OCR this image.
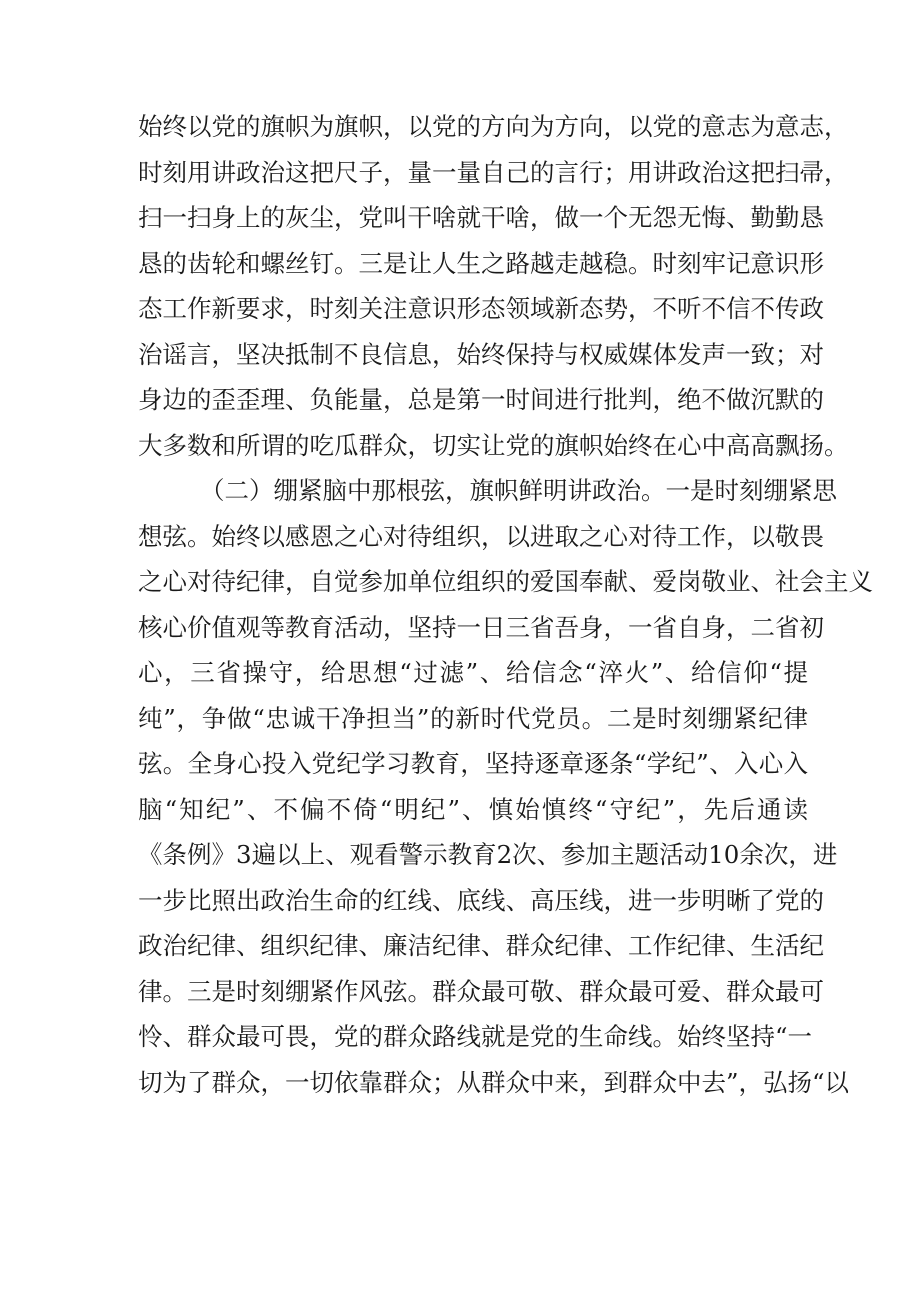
始终以党的旗帜为旗帜，以党的方向为方向，以党的意志为意志，
时刻用讲政治这把尺子，量一量自己的言行；用讲政治这把扫帚，
扫一扫身上的灰尘，党叫干啥就干啥，做一个无怨无悔、勤勤恳
恳的齿轮和螺丝钉。三是让人生之路越走越稳。时刻牢记意识形
态工作新要求，时刻关注意识形态领域新态势，不听不信不传政
治谣言，坚决抵制不良信息，始终保持与权威媒体发声一致；对
身边的歪歪理、负能量，总是第一时间进行批判，绝不做沉默的
大多数和所谓的吃瓜群众，切实让党的旗帜始终在心中高高飘扬。
（二）绷紧脑中那根弦，旗帜鲜明讲政治。一是时刻绷紧思
想弦。始终以感恩之心对待组织，以进取之心对待工作，以敬畏
之心对待纪律，自觉参加单位组织的爱国奉献、爱岗敬业、社会主义
核心价值观等教育活动，坚持一日三省吾身，一省自身，二省初
心，三省操守，给思想“过滤”、给信念“淬火”、给信仰“提
纯”，争做“忠诚干净担当”的新时代党员。二是时刻绷紧纪律
弦。全身心投入党纪学习教育，坚持逐章逐条“学纪”、入心入
脑“知纪”、不偏不倚“明纪”、慎始慎终“守纪”，先后通读
《条例》3遍以上、观看警示教育2次、参加主题活动10余次，进
一步比照出政治生命的红线、底线、高压线，进一步明晰了党的
政治纪律、组织纪律、廉洁纪律、群众纪律、工作纪律、生活纪
律。三是时刻绷紧作风弦。群众最可敬、群众最可爱、群众最可
怜、群众最可畏，党的群众路线就是党的生命线。始终坚持“一
切为了群众，一切依靠群众；从群众中来，到群众中去”，弘扬“以
